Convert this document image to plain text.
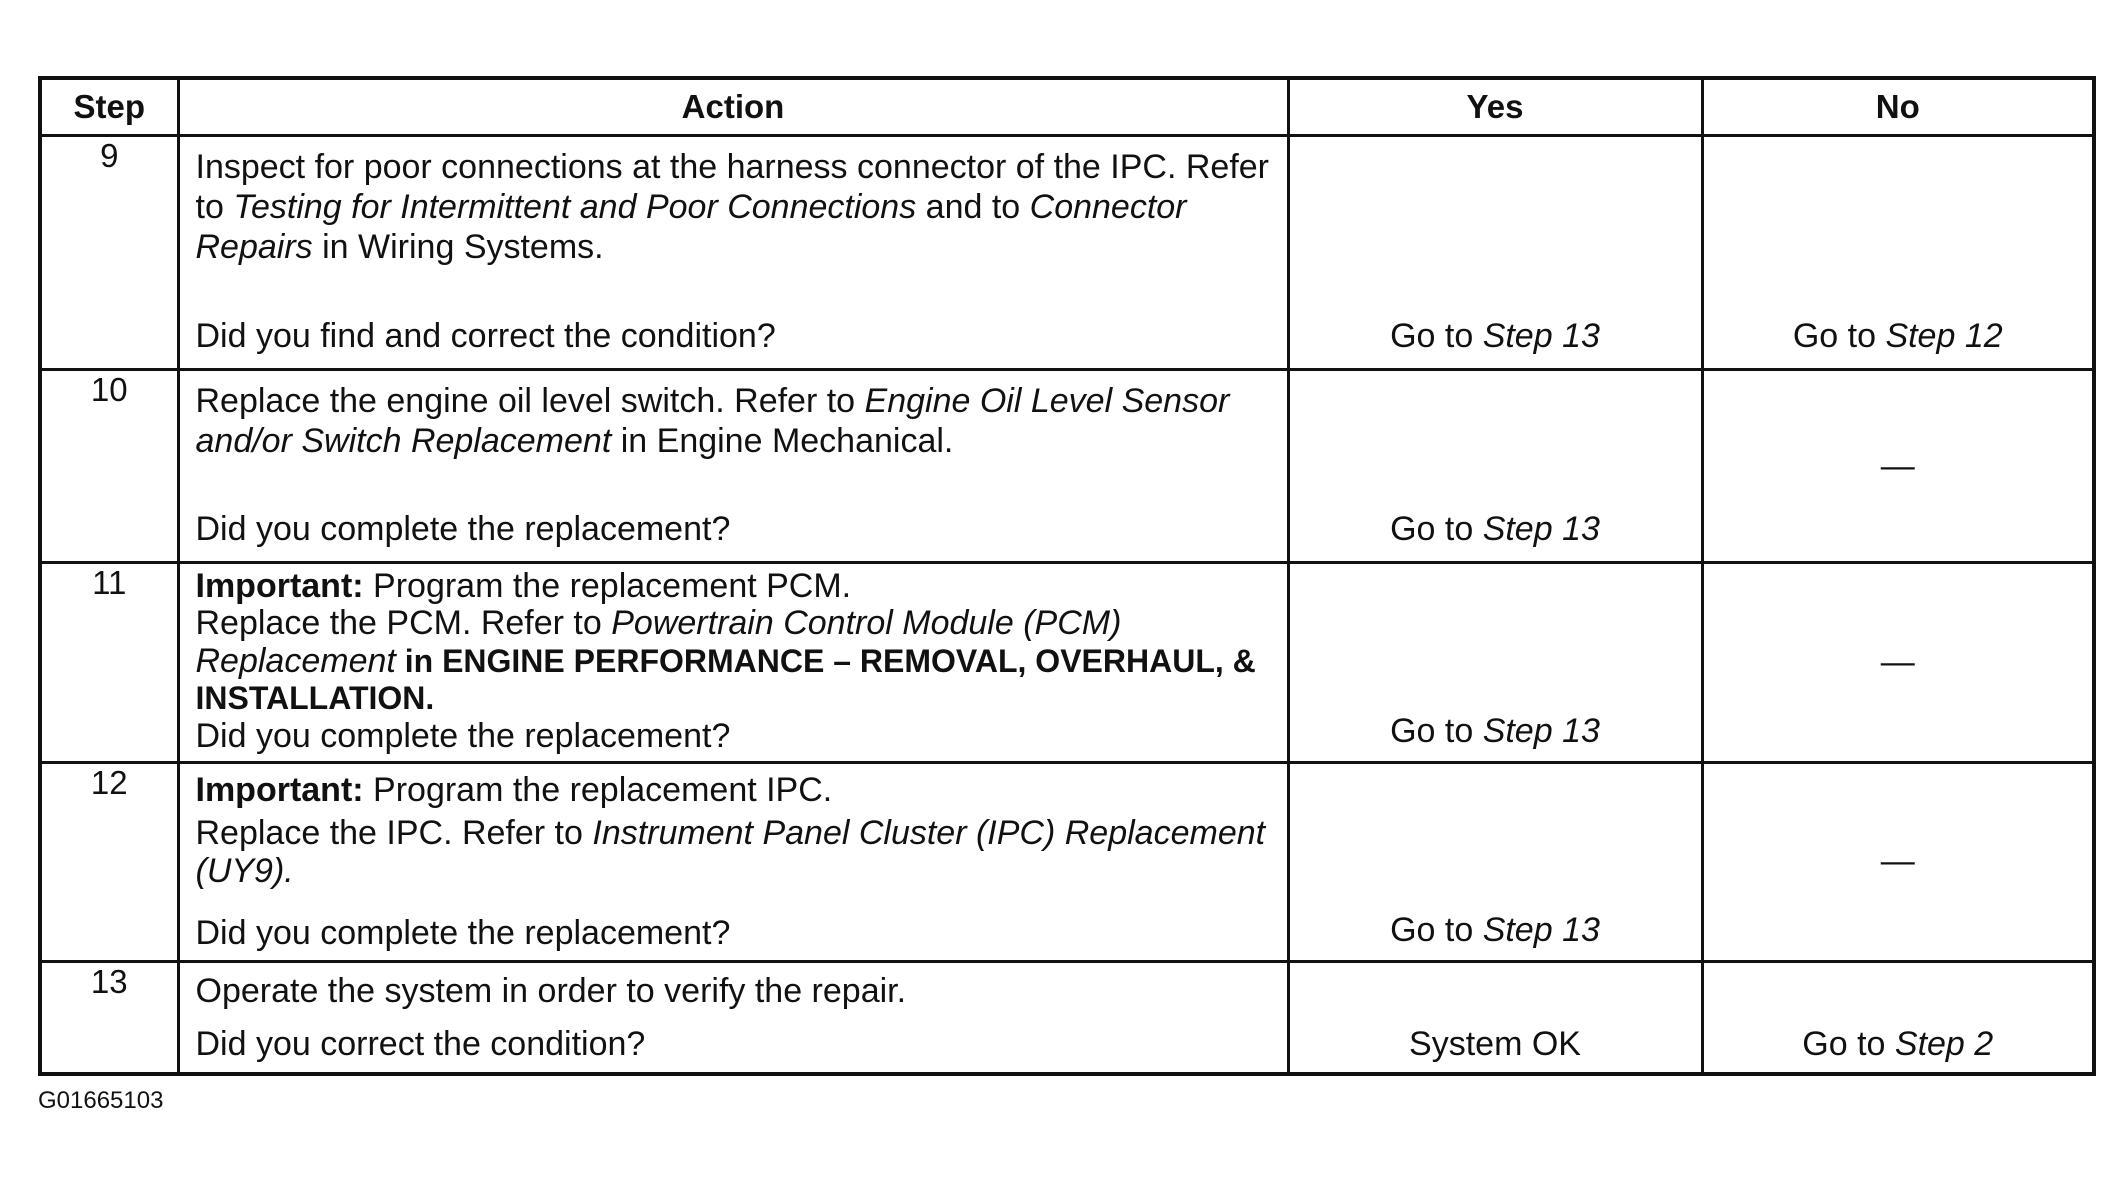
Step	Action	Yes	No
9	Inspect for poor connections at the harness connector of the IPC. Refer to Testing for Intermittent and Poor Connections and to Connector Repairs in Wiring Systems.
Did you find and correct the condition?	Go to Step 13	Go to Step 12

10	Replace the engine oil level switch. Refer to Engine Oil Level Sensor and/or Switch Replacement in Engine Mechanical.
Did you complete the replacement?	Go to Step 13	—

11	Important: Program the replacement PCM.
Replace the PCM. Refer to Powertrain Control Module (PCM) Replacement in ENGINE PERFORMANCE – REMOVAL, OVERHAUL, & INSTALLATION.
Did you complete the replacement?	Go to Step 13	—

12	Important: Program the replacement IPC.
Replace the IPC. Refer to Instrument Panel Cluster (IPC) Replacement (UY9).
Did you complete the replacement?	Go to Step 13	—

13	Operate the system in order to verify the repair.
Did you correct the condition?	System OK	Go to Step 2
G01665103
